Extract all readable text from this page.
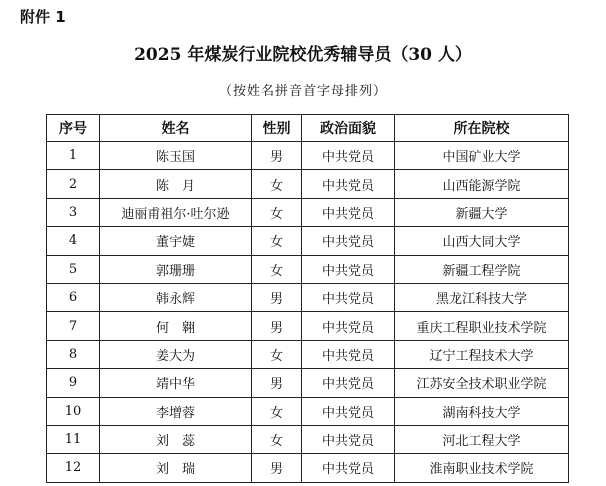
附件 1
2025 年煤炭行业院校优秀辅导员（30 人）
（按姓名拼音首字母排列）
序号	姓名	性别	政治面貌	所在院校
1	陈玉国	男	中共党员	中国矿业大学
2	陈　月	女	中共党员	山西能源学院
3	迪丽甫祖尔·吐尔逊	女	中共党员	新疆大学
4	董宇婕	女	中共党员	山西大同大学
5	郭珊珊	女	中共党员	新疆工程学院
6	韩永辉	男	中共党员	黑龙江科技大学
7	何　翱	男	中共党员	重庆工程职业技术学院
8	姜大为	女	中共党员	辽宁工程技术大学
9	靖中华	男	中共党员	江苏安全技术职业学院
10	李增蓉	女	中共党员	湖南科技大学
11	刘　蕊	女	中共党员	河北工程大学
12	刘　瑞	男	中共党员	淮南职业技术学院
